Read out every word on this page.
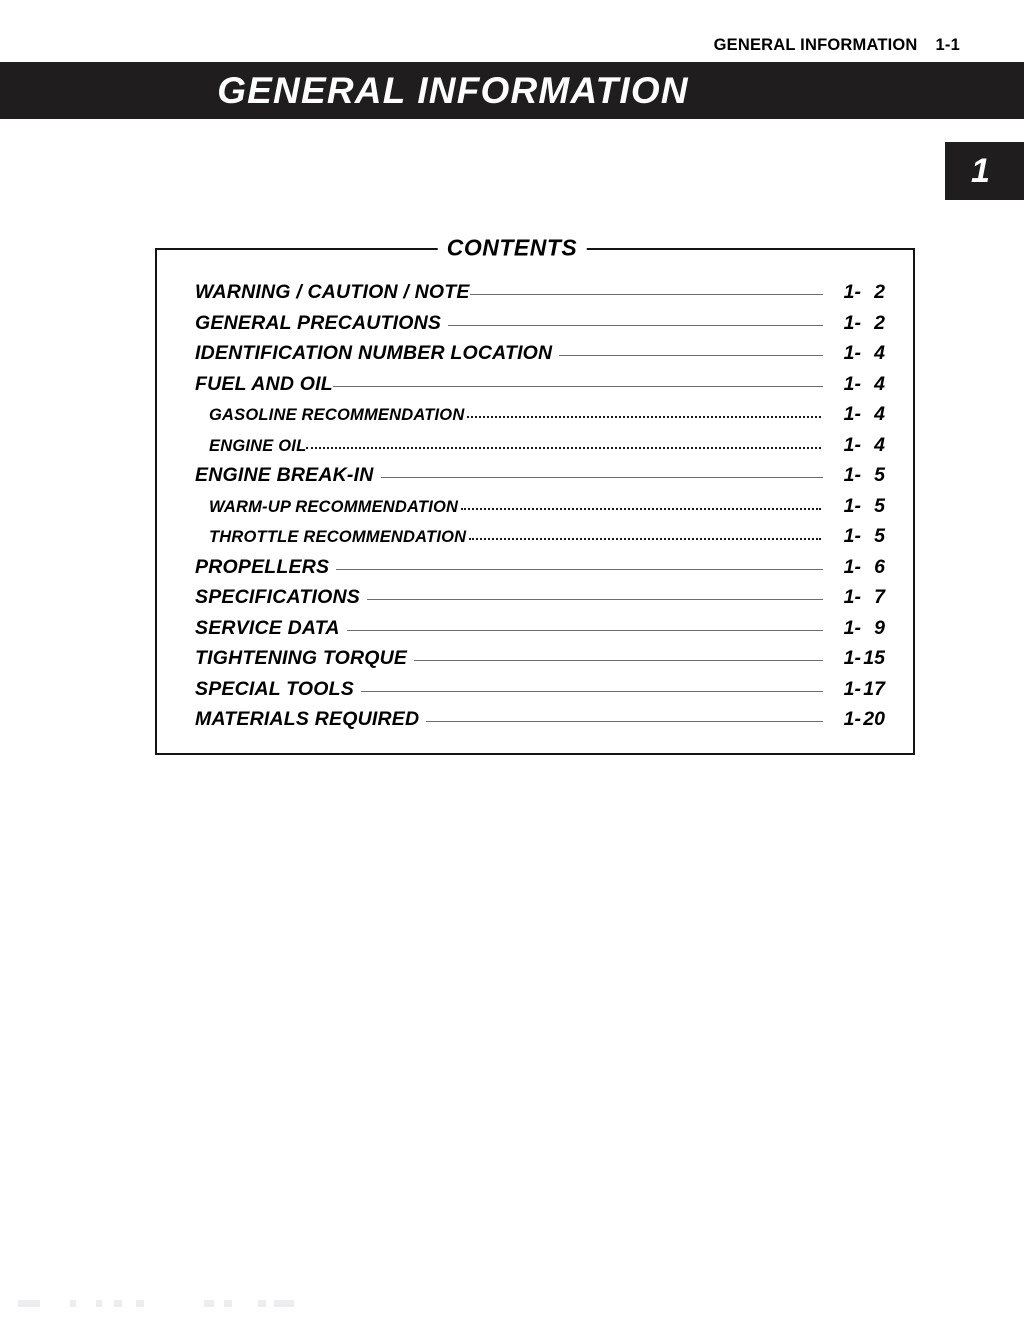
GENERAL INFORMATION 1-1
GENERAL INFORMATION
1
CONTENTS
WARNING / CAUTION / NOTE	1- 2
GENERAL PRECAUTIONS	1- 2
IDENTIFICATION NUMBER LOCATION	1- 4
FUEL AND OIL	1- 4
GASOLINE RECOMMENDATION	1- 4
ENGINE OIL	1- 4
ENGINE BREAK-IN	1- 5
WARM-UP RECOMMENDATION	1- 5
THROTTLE RECOMMENDATION	1- 5
PROPELLERS	1- 6
SPECIFICATIONS	1- 7
SERVICE DATA	1- 9
TIGHTENING TORQUE	1- 15
SPECIAL TOOLS	1- 17
MATERIALS REQUIRED	1- 20
